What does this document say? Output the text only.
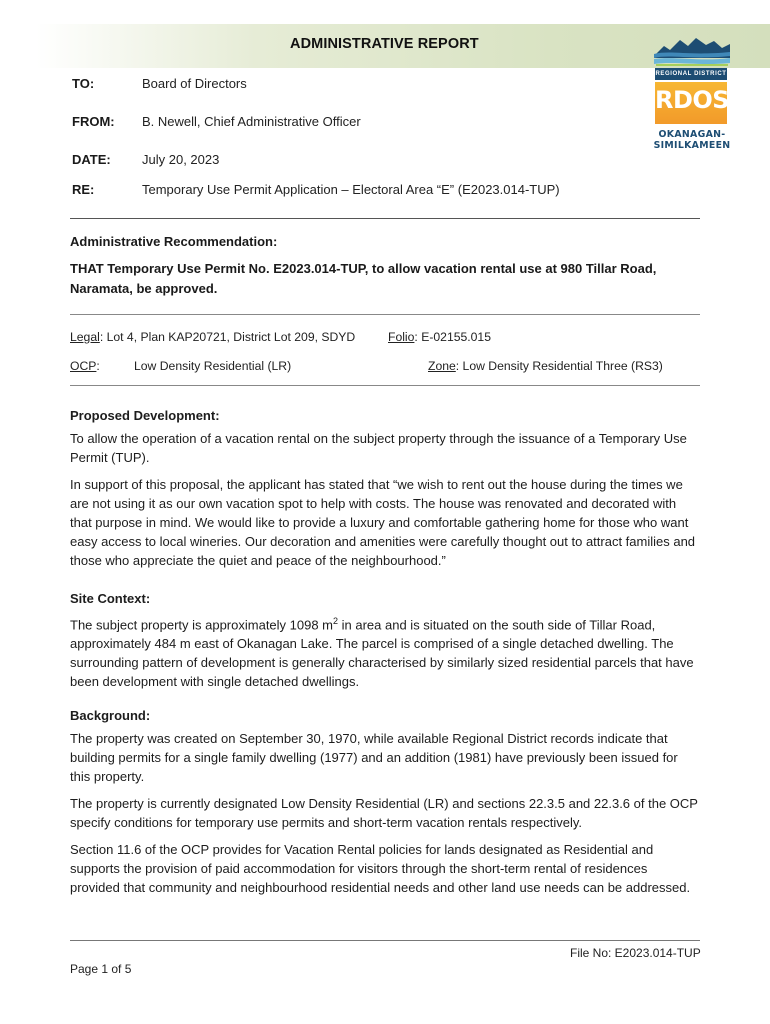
ADMINISTRATIVE REPORT
REGIONAL DISTRICT
RDOS
OKANAGAN-
SIMILKAMEEN
TO:	Board of Directors
FROM:	B. Newell, Chief Administrative Officer
DATE:	July 20, 2023
RE:	Temporary Use Permit Application – Electoral Area “E” (E2023.014-TUP)
Administrative Recommendation:
THAT Temporary Use Permit No. E2023.014-TUP, to allow vacation rental use at 980 Tillar Road, Naramata, be approved.
Legal: Lot 4, Plan KAP20721, District Lot 209, SDYD	Folio: E-02155.015
OCP:	Low Density Residential (LR)	Zone: Low Density Residential Three (RS3)
Proposed Development:

To allow the operation of a vacation rental on the subject property through the issuance of a Temporary Use Permit (TUP).

In support of this proposal, the applicant has stated that “we wish to rent out the house during the times we are not using it as our own vacation spot to help with costs. The house was renovated and decorated with that purpose in mind. We would like to provide a luxury and comfortable gathering home for those who want easy access to local wineries. Our decoration and amenities were carefully thought out to attract families and those who appreciate the quiet and peace of the neighbourhood.”

Site Context:

The subject property is approximately 1098 $m^2$ in area and is situated on the south side of Tillar Road, approximately 484 m east of Okanagan Lake. The parcel is comprised of a single detached dwelling. The surrounding pattern of development is generally characterised by similarly sized residential parcels that have been development with single detached dwellings.

Background:

The property was created on September 30, 1970, while available Regional District records indicate that building permits for a single family dwelling (1977) and an addition (1981) have previously been issued for this property.

The property is currently designated Low Density Residential (LR) and sections 22.3.5 and 22.3.6 of the OCP specify conditions for temporary use permits and short-term vacation rentals respectively.

Section 11.6 of the OCP provides for Vacation Rental policies for lands designated as Residential and supports the provision of paid accommodation for visitors through the short-term rental of residences provided that community and neighbourhood residential needs and other land use needs can be addressed.

File No: E2023.014-TUP
Page 1 of 5
